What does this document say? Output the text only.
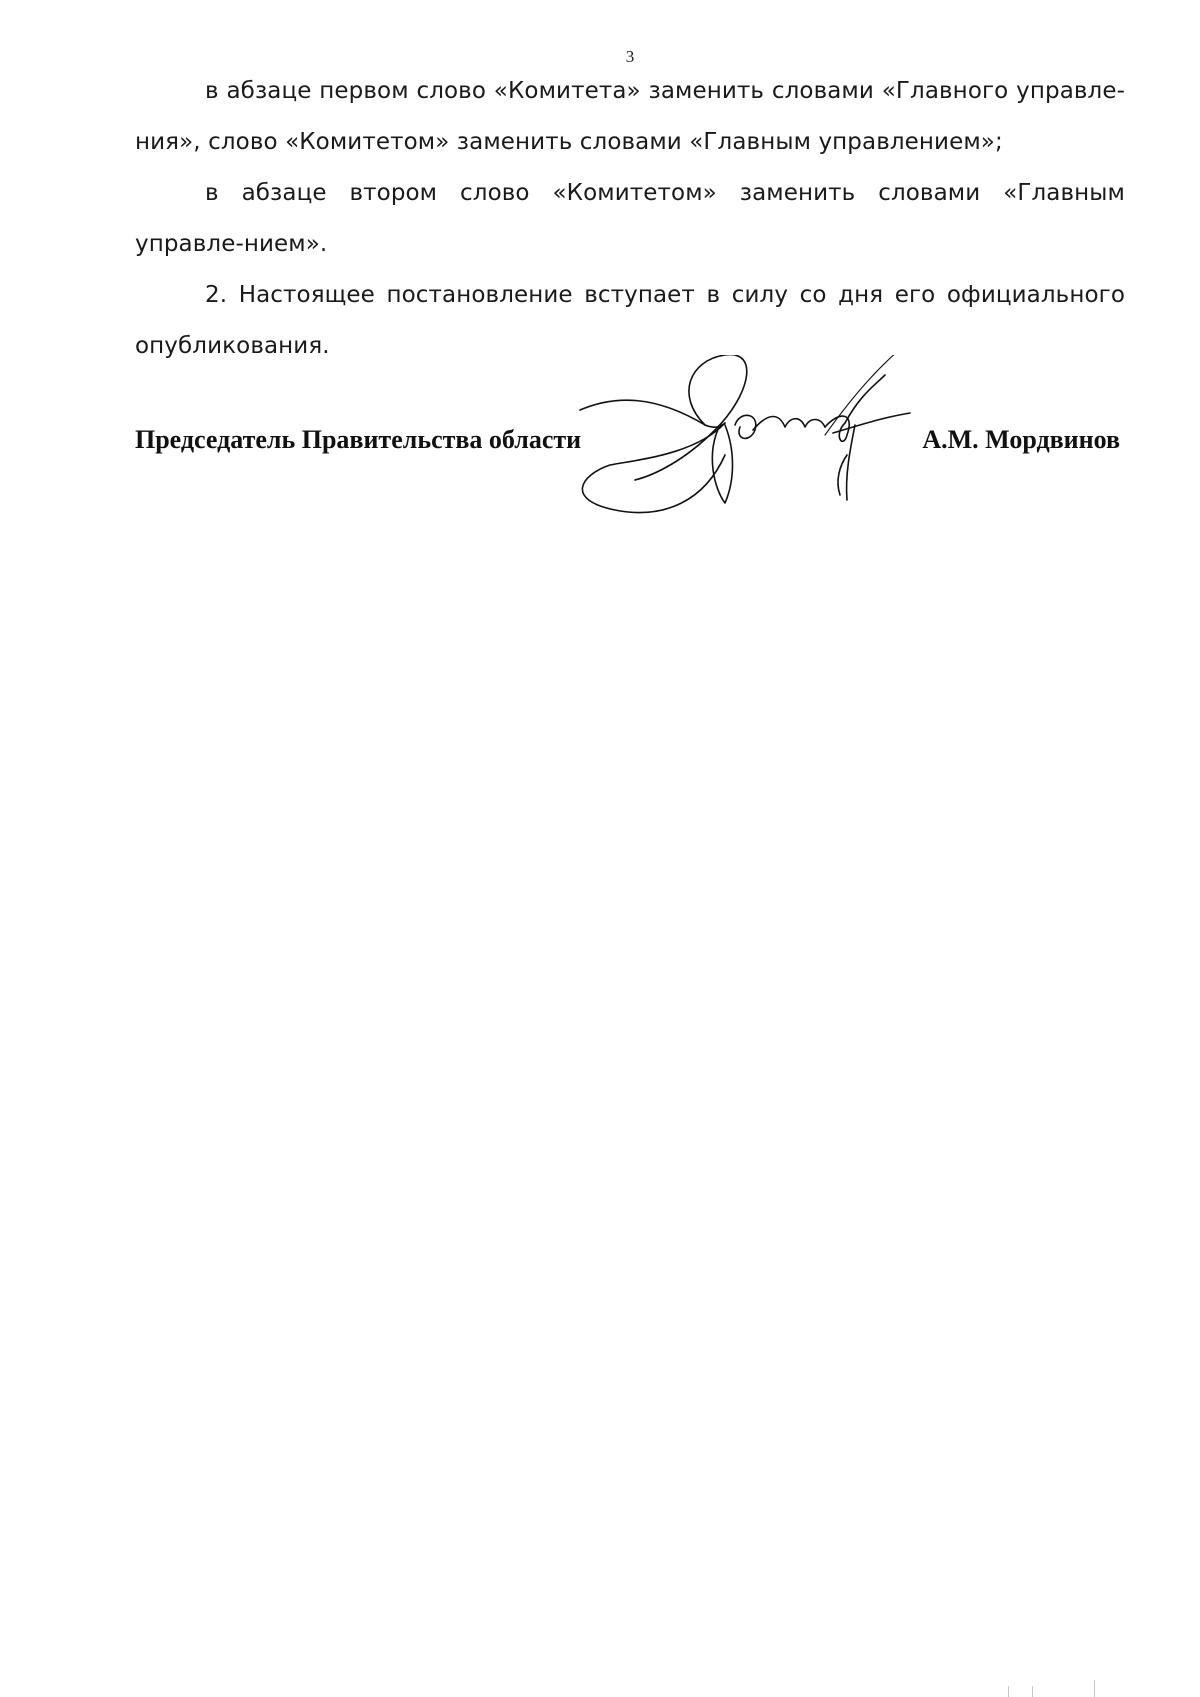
3

в абзаце первом слово «Комитета» заменить словами «Главного управле-ния», слово «Комитетом» заменить словами «Главным управлением»;

в абзаце втором слово «Комитетом» заменить словами «Главным управле-нием».

2. Настоящее постановление вступает в силу со дня его официального опубликования.

Председатель Правительства области	А.М. Мордвинов
